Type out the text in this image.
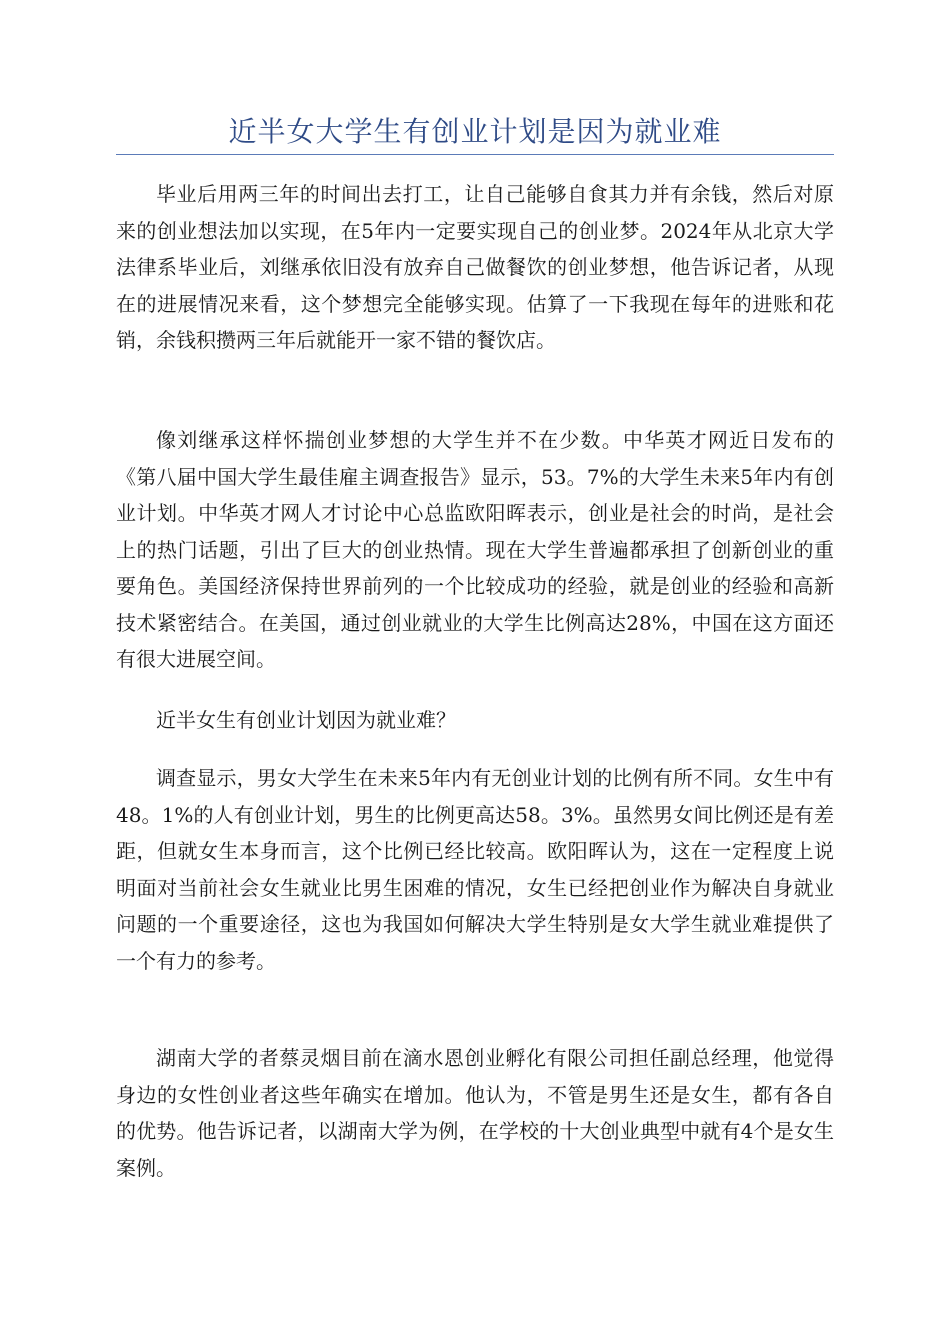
近半女大学生有创业计划是因为就业难

毕业后用两三年的时间出去打工，让自己能够自食其力并有余钱，然后对原来的创业想法加以实现，在5年内一定要实现自己的创业梦。2024年从北京大学法律系毕业后，刘继承依旧没有放弃自己做餐饮的创业梦想，他告诉记者，从现在的进展情况来看，这个梦想完全能够实现。估算了一下我现在每年的进账和花销，余钱积攒两三年后就能开一家不错的餐饮店。

像刘继承这样怀揣创业梦想的大学生并不在少数。中华英才网近日发布的《第八届中国大学生最佳雇主调查报告》显示，53。7%的大学生未来5年内有创业计划。中华英才网人才讨论中心总监欧阳晖表示，创业是社会的时尚，是社会上的热门话题，引出了巨大的创业热情。现在大学生普遍都承担了创新创业的重要角色。美国经济保持世界前列的一个比较成功的经验，就是创业的经验和高新技术紧密结合。在美国，通过创业就业的大学生比例高达28%，中国在这方面还有很大进展空间。

近半女生有创业计划因为就业难？

调查显示，男女大学生在未来5年内有无创业计划的比例有所不同。女生中有48。1%的人有创业计划，男生的比例更高达58。3%。虽然男女间比例还是有差距，但就女生本身而言，这个比例已经比较高。欧阳晖认为，这在一定程度上说明面对当前社会女生就业比男生困难的情况，女生已经把创业作为解决自身就业问题的一个重要途径，这也为我国如何解决大学生特别是女大学生就业难提供了一个有力的参考。

湖南大学的者蔡灵烟目前在滴水恩创业孵化有限公司担任副总经理，他觉得身边的女性创业者这些年确实在增加。他认为，不管是男生还是女生，都有各自的优势。他告诉记者，以湖南大学为例，在学校的十大创业典型中就有4个是女生案例。
